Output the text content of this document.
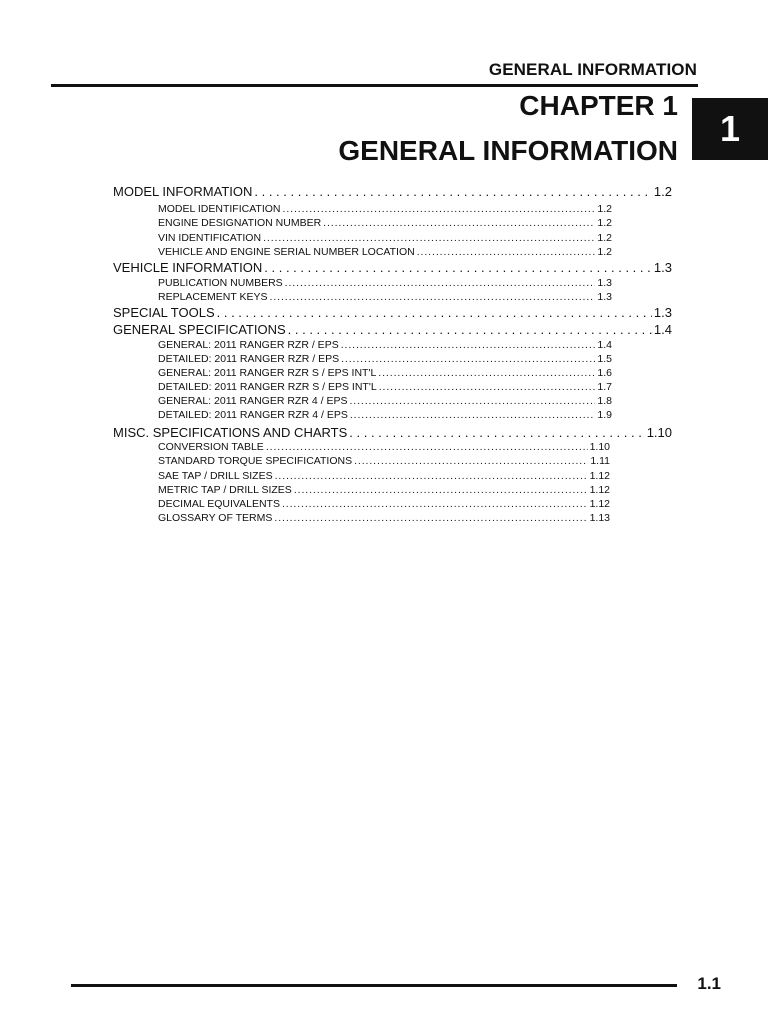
GENERAL INFORMATION
CHAPTER 1
GENERAL INFORMATION
1
MODEL INFORMATION . . .	1.2
MODEL IDENTIFICATION .....	1.2
ENGINE DESIGNATION NUMBER .....	1.2
VIN IDENTIFICATION .....	1.2
VEHICLE AND ENGINE SERIAL NUMBER LOCATION .....	1.2
VEHICLE INFORMATION . . .	1.3
PUBLICATION NUMBERS .....	1.3
REPLACEMENT KEYS .....	1.3
SPECIAL TOOLS . . .	1.3
GENERAL SPECIFICATIONS . . .	1.4
GENERAL: 2011 RANGER RZR / EPS .....	1.4
DETAILED: 2011 RANGER RZR / EPS .....	1.5
GENERAL: 2011 RANGER RZR S / EPS INT'L .....	1.6
DETAILED: 2011 RANGER RZR S / EPS INT'L .....	1.7
GENERAL: 2011 RANGER RZR 4 / EPS .....	1.8
DETAILED: 2011 RANGER RZR 4 / EPS .....	1.9
MISC. SPECIFICATIONS AND CHARTS . . .	1.10
CONVERSION TABLE .....	1.10
STANDARD TORQUE SPECIFICATIONS .....	1.11
SAE TAP / DRILL SIZES .....	1.12
METRIC TAP / DRILL SIZES .....	1.12
DECIMAL EQUIVALENTS .....	1.12
GLOSSARY OF TERMS .....	1.13
1.1
